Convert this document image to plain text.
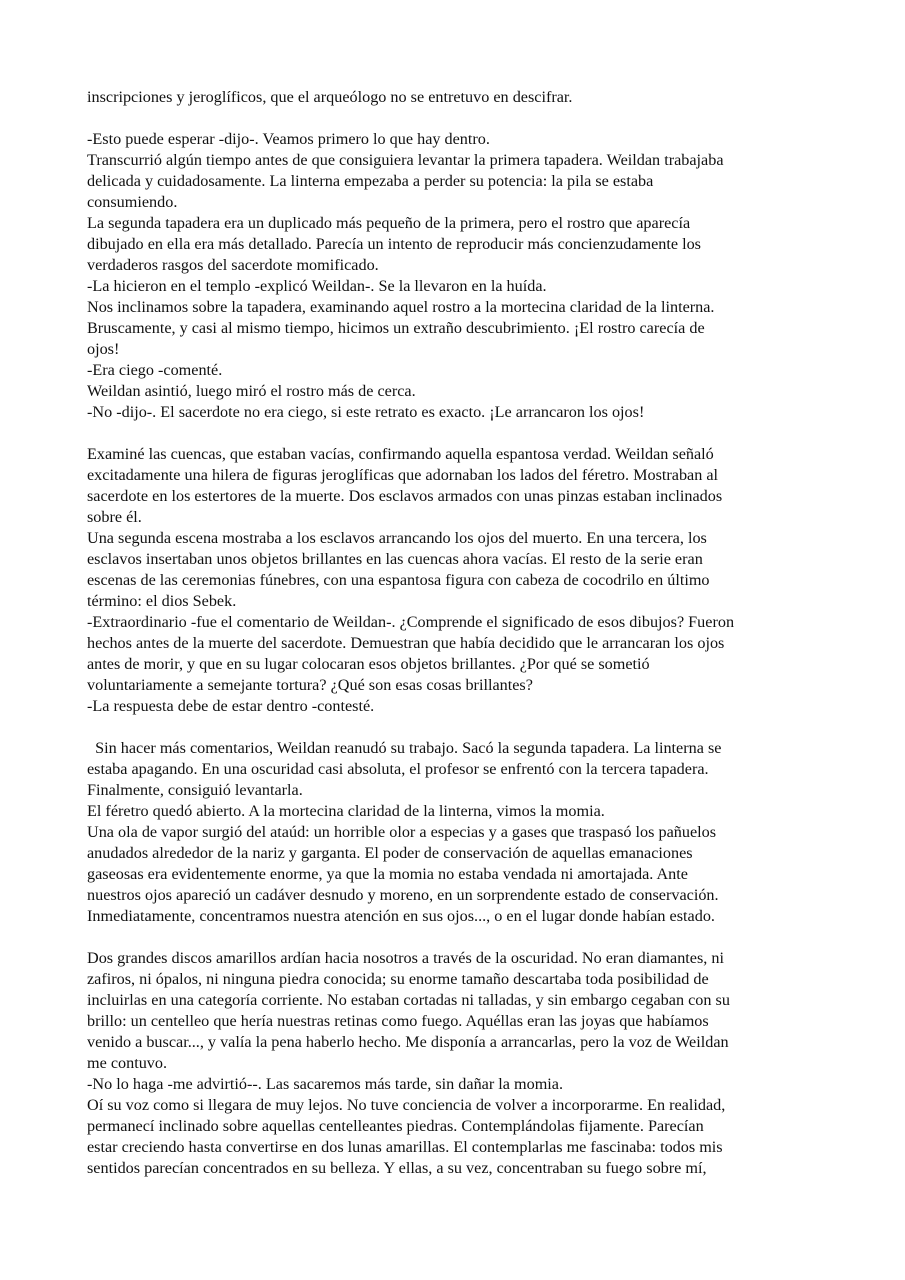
inscripciones y jeroglíficos, que el arqueólogo no se entretuvo en descifrar.
-Esto puede esperar -dijo-. Veamos primero lo que hay dentro.
Transcurrió algún tiempo antes de que consiguiera levantar la primera tapadera. Weildan trabajaba
delicada y cuidadosamente. La linterna empezaba a perder su potencia: la pila se estaba
consumiendo.
La segunda tapadera era un duplicado más pequeño de la primera, pero el rostro que aparecía
dibujado en ella era más detallado. Parecía un intento de reproducir más concienzudamente los
verdaderos rasgos del sacerdote momificado.
-La hicieron en el templo -explicó Weildan-. Se la llevaron en la huída.
Nos inclinamos sobre la tapadera, examinando aquel rostro a la mortecina claridad de la linterna.
Bruscamente, y casi al mismo tiempo, hicimos un extraño descubrimiento. ¡El rostro carecía de
ojos!
-Era ciego -comenté.
Weildan asintió, luego miró el rostro más de cerca.
-No -dijo-. El sacerdote no era ciego, si este retrato es exacto. ¡Le arrancaron los ojos!
Examiné las cuencas, que estaban vacías, confirmando aquella espantosa verdad. Weildan señaló
excitadamente una hilera de figuras jeroglíficas que adornaban los lados del féretro. Mostraban al
sacerdote en los estertores de la muerte. Dos esclavos armados con unas pinzas estaban inclinados
sobre él.
Una segunda escena mostraba a los esclavos arrancando los ojos del muerto. En una tercera, los
esclavos insertaban unos objetos brillantes en las cuencas ahora vacías. El resto de la serie eran
escenas de las ceremonias fúnebres, con una espantosa figura con cabeza de cocodrilo en último
término: el dios Sebek.
-Extraordinario -fue el comentario de Weildan-. ¿Comprende el significado de esos dibujos? Fueron
hechos antes de la muerte del sacerdote. Demuestran que había decidido que le arrancaran los ojos
antes de morir, y que en su lugar colocaran esos objetos brillantes. ¿Por qué se sometió
voluntariamente a semejante tortura? ¿Qué son esas cosas brillantes?
-La respuesta debe de estar dentro -contesté.
Sin hacer más comentarios, Weildan reanudó su trabajo. Sacó la segunda tapadera. La linterna se
estaba apagando. En una oscuridad casi absoluta, el profesor se enfrentó con la tercera tapadera.
Finalmente, consiguió levantarla.
El féretro quedó abierto. A la mortecina claridad de la linterna, vimos la momia.
Una ola de vapor surgió del ataúd: un horrible olor a especias y a gases que traspasó los pañuelos
anudados alrededor de la nariz y garganta. El poder de conservación de aquellas emanaciones
gaseosas era evidentemente enorme, ya que la momia no estaba vendada ni amortajada. Ante
nuestros ojos apareció un cadáver desnudo y moreno, en un sorprendente estado de conservación.
Inmediatamente, concentramos nuestra atención en sus ojos..., o en el lugar donde habían estado.
Dos grandes discos amarillos ardían hacia nosotros a través de la oscuridad. No eran diamantes, ni
zafiros, ni ópalos, ni ninguna piedra conocida; su enorme tamaño descartaba toda posibilidad de
incluirlas en una categoría corriente. No estaban cortadas ni talladas, y sin embargo cegaban con su
brillo: un centelleo que hería nuestras retinas como fuego. Aquéllas eran las joyas que habíamos
venido a buscar..., y valía la pena haberlo hecho. Me disponía a arrancarlas, pero la voz de Weildan
me contuvo.
-No lo haga -me advirtió--. Las sacaremos más tarde, sin dañar la momia.
Oí su voz como si llegara de muy lejos. No tuve conciencia de volver a incorporarme. En realidad,
permanecí inclinado sobre aquellas centelleantes piedras. Contemplándolas fijamente. Parecían
estar creciendo hasta convertirse en dos lunas amarillas. El contemplarlas me fascinaba: todos mis
sentidos parecían concentrados en su belleza. Y ellas, a su vez, concentraban su fuego sobre mí,
